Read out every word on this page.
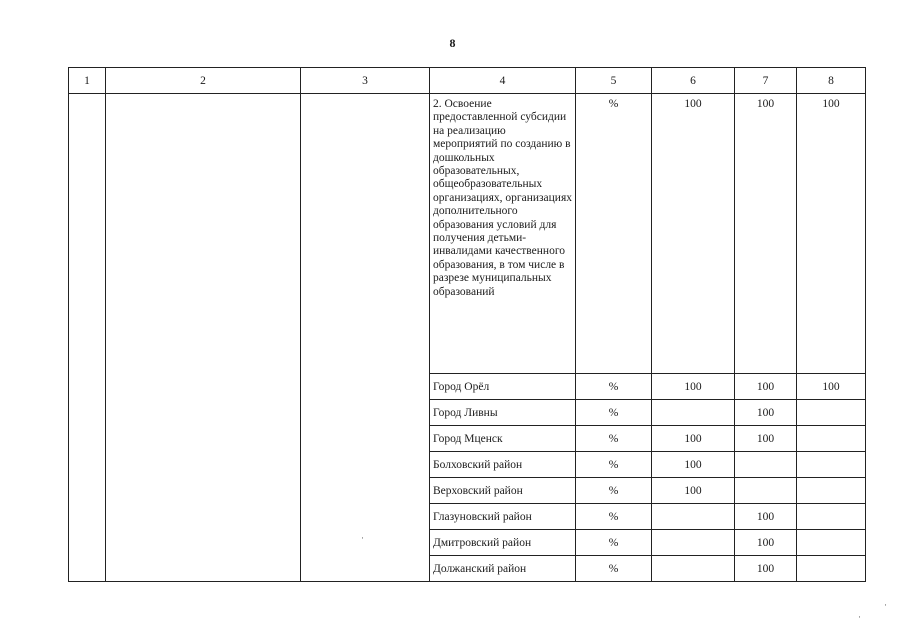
8
1	2	3	4	5	6	7	8
			2. Освоение предоставленной субсидии на реализацию мероприятий по созданию в дошкольных образовательных, общеобразовательных организациях, организациях дополнительного образования условий для получения детьми-инвалидами качественного образования, в том числе в разрезе муниципальных образований	%	100	100	100
			Город Орёл	%	100	100	100
			Город Ливны	%		100	
			Город Мценск	%	100	100	
			Болховский район	%	100		
			Верховский район	%	100		
			Глазуновский район	%		100	
			Дмитровский район	%		100	
			Должанский район	%		100	
·
·
·
